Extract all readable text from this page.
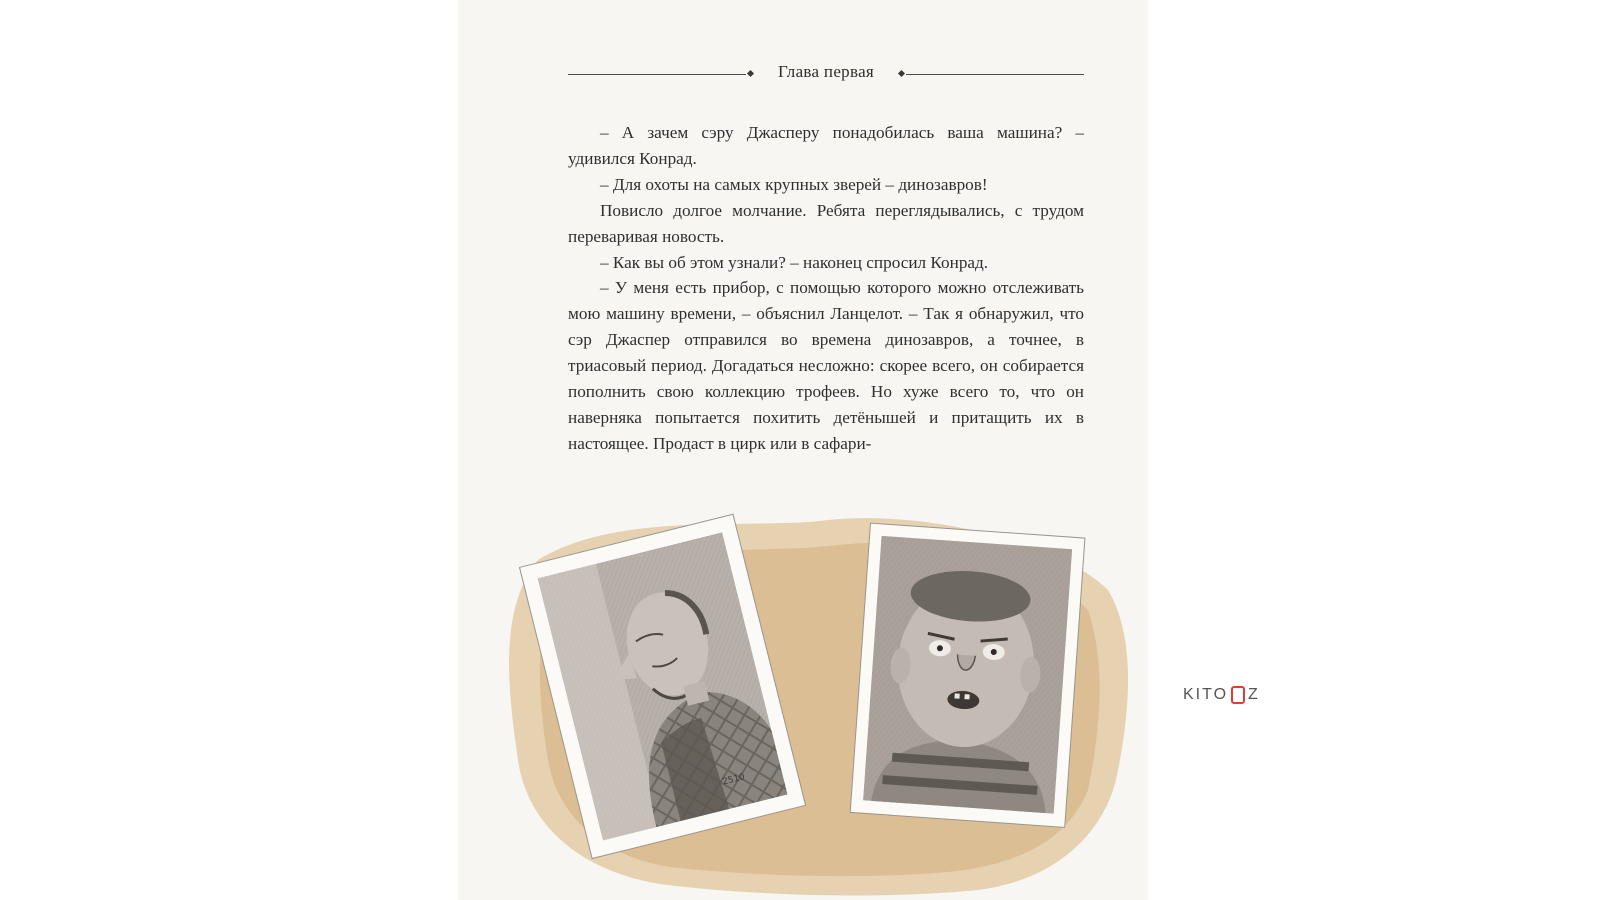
Глава первая

– А зачем сэру Джасперу понадобилась ваша машина? – удивился Конрад.

– Для охоты на самых крупных зверей – динозавров!

Повисло долгое молчание. Ребята переглядывались, с трудом переваривая новость.

– Как вы об этом узнали? – наконец спросил Конрад.

– У меня есть прибор, с помощью которого можно отслеживать мою машину времени, – объяснил Ланцелот. – Так я обнаружил, что сэр Джаспер отправился во времена динозавров, а точнее, в триасовый период. Догадаться несложно: скорее всего, он собирается пополнить свою коллекцию трофеев. Но хуже всего то, что он наверняка попытается похитить детёнышей и притащить их в настоящее. Продаст в цирк или в сафари-

2510
KITO Z
